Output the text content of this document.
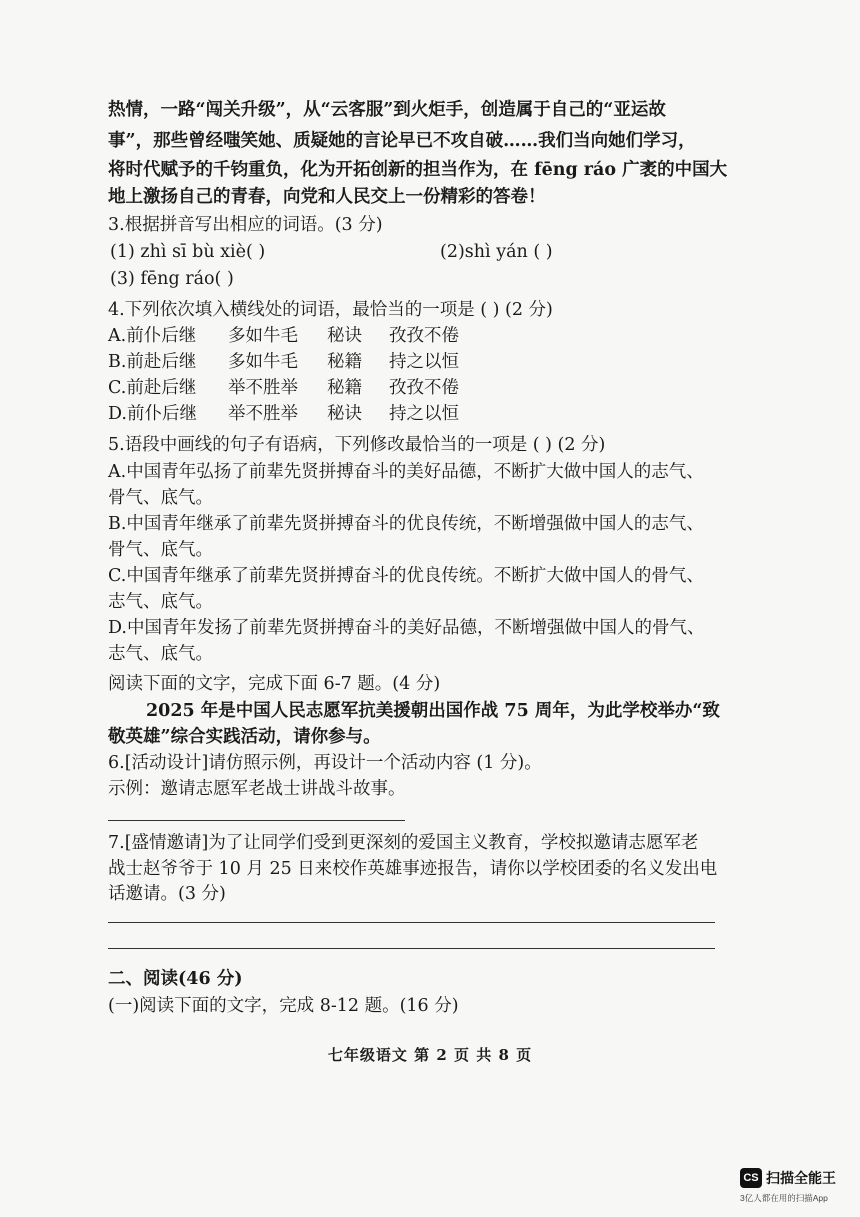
热情，一路“闯关升级”，从“云客服”到火炬手，创造属于自己的“亚运故
事”，那些曾经嗤笑她、质疑她的言论早已不攻自破……我们当向她们学习，
将时代赋予的千钧重负，化为开拓创新的担当作为，在 fēng ráo 广袤的中国大
地上激扬自己的青春，向党和人民交上一份精彩的答卷！
3.根据拼音写出相应的词语。(3 分)
(1) zhì sī bù xiè( )	(2)shì yán ( )
(3) fēng ráo( )
4.下列依次填入横线处的词语，最恰当的一项是 ( ) (2 分)
A.前仆后继 多如牛毛 秘诀 孜孜不倦
B.前赴后继 多如牛毛 秘籍 持之以恒
C.前赴后继 举不胜举 秘籍 孜孜不倦
D.前仆后继 举不胜举 秘诀 持之以恒
5.语段中画线的句子有语病，下列修改最恰当的一项是 ( ) (2 分)
A.中国青年弘扬了前辈先贤拼搏奋斗的美好品德，不断扩大做中国人的志气、
骨气、底气。
B.中国青年继承了前辈先贤拼搏奋斗的优良传统，不断增强做中国人的志气、
骨气、底气。
C.中国青年继承了前辈先贤拼搏奋斗的优良传统。不断扩大做中国人的骨气、
志气、底气。
D.中国青年发扬了前辈先贤拼搏奋斗的美好品德，不断增强做中国人的骨气、
志气、底气。
阅读下面的文字，完成下面 6-7 题。(4 分)
2025 年是中国人民志愿军抗美援朝出国作战 75 周年，为此学校举办“致
敬英雄”综合实践活动，请你参与。
6.[活动设计]请仿照示例，再设计一个活动内容 (1 分)。
示例：邀请志愿军老战士讲战斗故事。
7.[盛情邀请]为了让同学们受到更深刻的爱国主义教育，学校拟邀请志愿军老
战士赵爷爷于 10 月 25 日来校作英雄事迹报告，请你以学校团委的名义发出电
话邀请。(3 分)
二、阅读(46 分)
(一)阅读下面的文字，完成 8-12 题。(16 分)
七年级语文 第 2 页 共 8 页
CS 扫描全能王
3亿人都在用的扫描App
